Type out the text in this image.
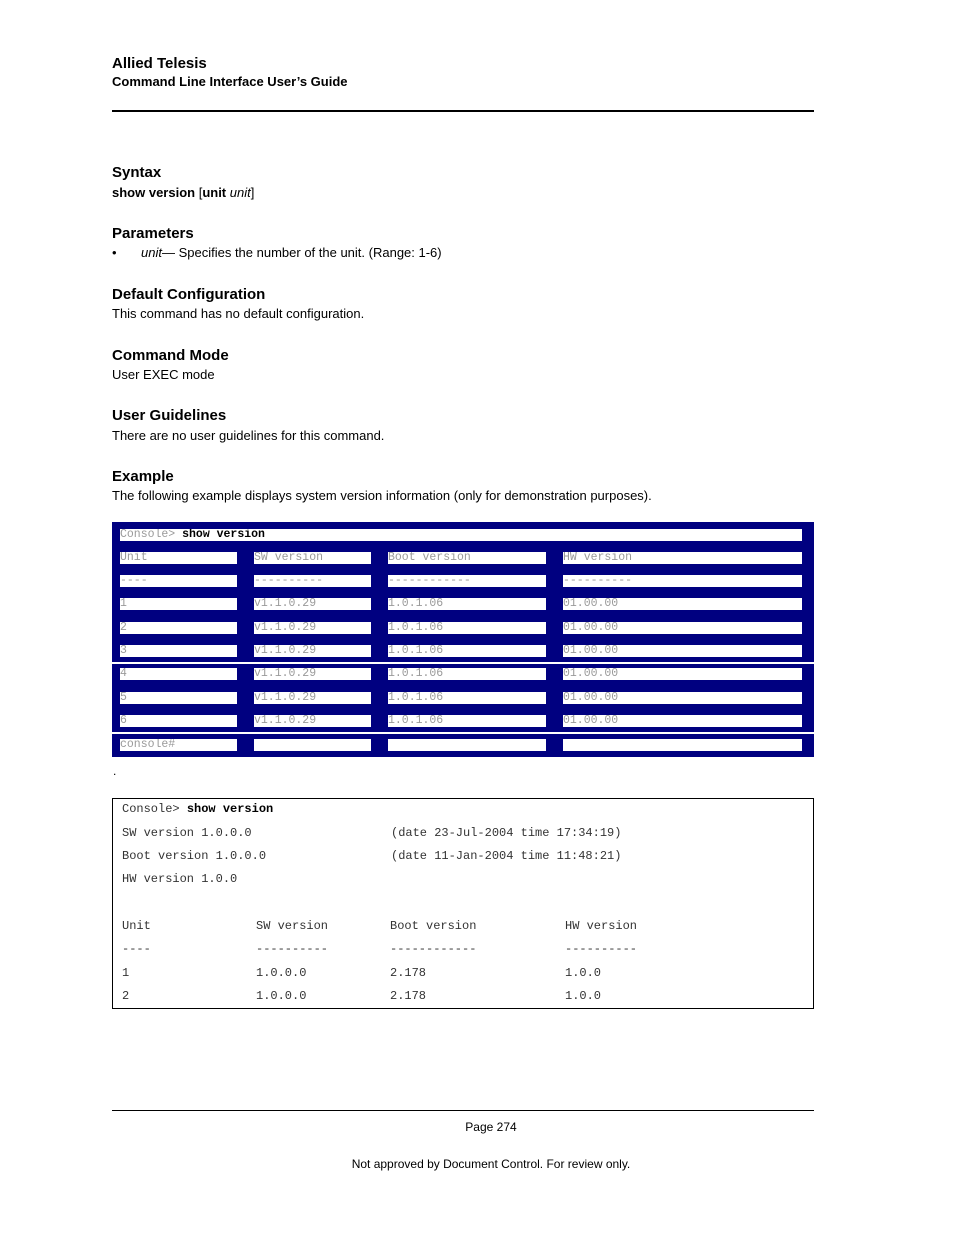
Allied Telesis
Command Line Interface User’s Guide
Syntax
show version [unit unit]
Parameters
• unit— Specifies the number of the unit. (Range: 1-6)
Default Configuration
This command has no default configuration.
Command Mode
User EXEC mode
User Guidelines
There are no user guidelines for this command.
Example
The following example displays system version information (only for demonstration purposes).
Console> show version
Unit	SW version	Boot version	HW version
----	----------	------------	----------
1	v1.1.0.29	1.0.1.06	01.00.00
2	v1.1.0.29	1.0.1.06	01.00.00
3	v1.1.0.29	1.0.1.06	01.00.00
4	v1.1.0.29	1.0.1.06	01.00.00
5	v1.1.0.29	1.0.1.06	01.00.00
6	v1.1.0.29	1.0.1.06	01.00.00
console#
.
Console> show version
SW version 1.0.0.0	(date 23-Jul-2004 time 17:34:19)
Boot version 1.0.0.0	(date 11-Jan-2004 time 11:48:21)
HW version 1.0.0
Unit	SW version	Boot version	HW version
----	----------	------------	----------
1	1.0.0.0	2.178	1.0.0
2	1.0.0.0	2.178	1.0.0
Page 274
Not approved by Document Control. For review only.
